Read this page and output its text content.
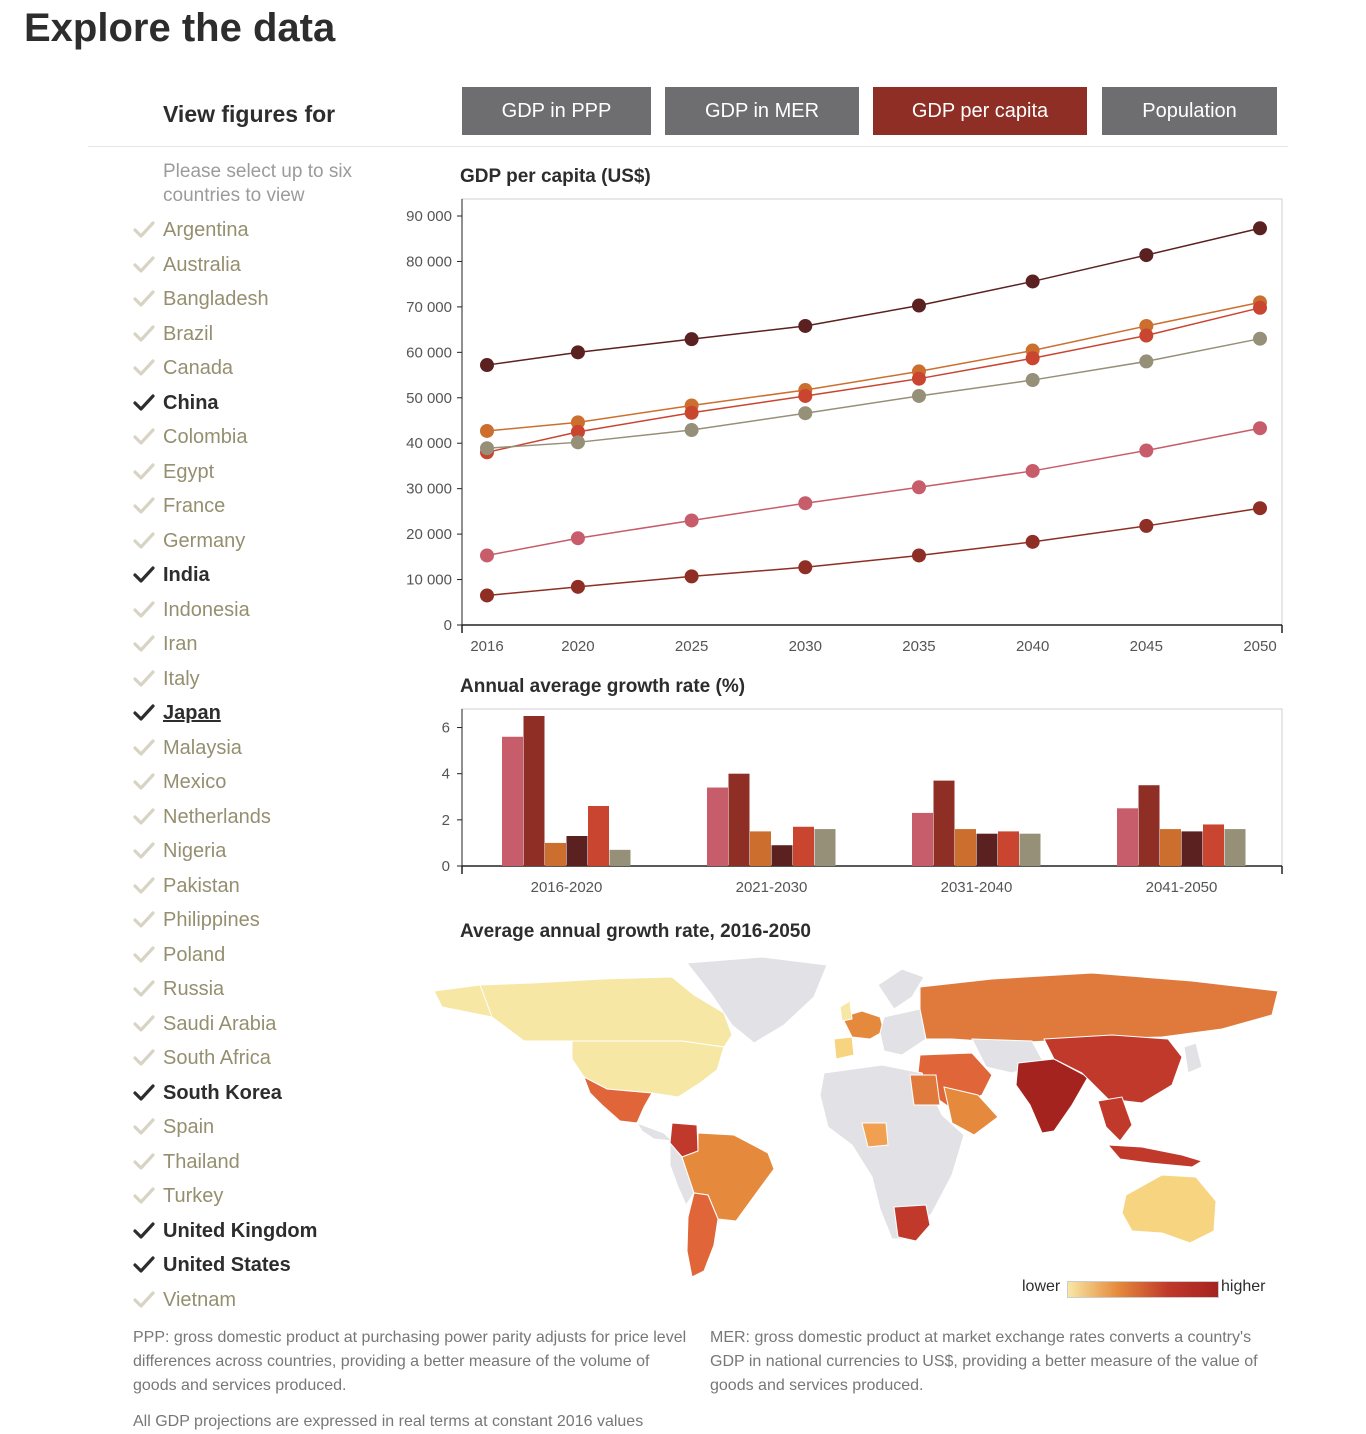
Explore the data
View figures for	GDP in PPP	GDP in MER	GDP per capita	Population
Please select up to six countries to view
Argentina
Australia
Bangladesh
Brazil
Canada
China
Colombia
Egypt
France
Germany
India
Indonesia
Iran
Italy
Japan
Malaysia
Mexico
Netherlands
Nigeria
Pakistan
Philippines
Poland
Russia
Saudi Arabia
South Africa
South Korea
Spain
Thailand
Turkey
United Kingdom
United States
Vietnam
GDP per capita (US$)
0
10 000
20 000
30 000
40 000
50 000
60 000
70 000
80 000
90 000
2016	2020	2025	2030	2035	2040	2045	2050
Annual average growth rate (%)
0
2
4
6
2016-2020	2021-2030	2031-2040	2041-2050
Average annual growth rate, 2016-2050
lower	higher
PPP: gross domestic product at purchasing power parity adjusts for price level differences across countries, providing a better measure of the volume of goods and services produced.
MER: gross domestic product at market exchange rates converts a country's GDP in national currencies to US$, providing a better measure of the value of goods and services produced.
All GDP projections are expressed in real terms at constant 2016 values
